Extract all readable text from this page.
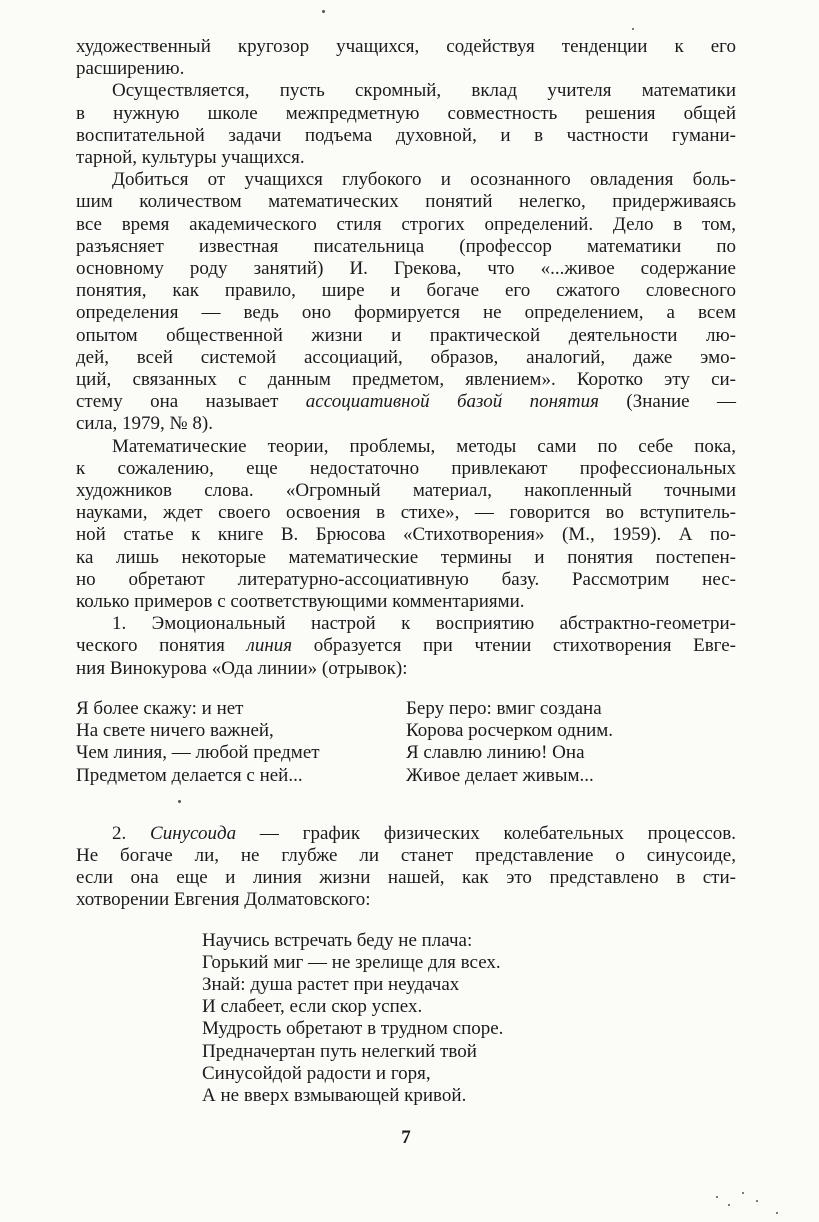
художественный кругозор учащихся, содействуя тенденции к его
расширению.

Осуществляется, пусть скромный, вклад учителя математики
в нужную школе межпредметную совместность решения общей
воспитательной задачи подъема духовной, и в частности гумани-
тарной, культуры учащихся.

Добиться от учащихся глубокого и осознанного овладения боль-
шим количеством математических понятий нелегко, придерживаясь
все время академического стиля строгих определений. Дело в том,
разъясняет известная писательница (профессор математики по
основному роду занятий) И. Грекова, что «...живое содержание
понятия, как правило, шире и богаче его сжатого словесного
определения — ведь оно формируется не определением, а всем
опытом общественной жизни и практической деятельности лю-
дей, всей системой ассоциаций, образов, аналогий, даже эмо-
ций, связанных с данным предметом, явлением». Коротко эту си-
стему она называет ассоциативной базой понятия (Знание —
сила, 1979, № 8).

Математические теории, проблемы, методы сами по себе пока,
к сожалению, еще недостаточно привлекают профессиональных
художников слова. «Огромный материал, накопленный точными
науками, ждет своего освоения в стихе», — говорится во вступитель-
ной статье к книге В. Брюсова «Стихотворения» (М., 1959). А по-
ка лишь некоторые математические термины и понятия постепен-
но обретают литературно-ассоциативную базу. Рассмотрим нес-
колько примеров с соответствующими комментариями.

1. Эмоциональный настрой к восприятию абстрактно-геометри-
ческого понятия линия образуется при чтении стихотворения Евге-
ния Винокурова «Ода линии» (отрывок):

Я более скажу: и нет
На свете ничего важней,
Чем линия, — любой предмет
Предметом делается с ней...
Беру перо: вмиг создана
Корова росчерком одним.
Я славлю линию! Она
Живое делает живым...

2. Синусоида — график физических колебательных процессов.
Не богаче ли, не глубже ли станет представление о синусоиде,
если она еще и линия жизни нашей, как это представлено в сти-
хотворении Евгения Долматовского:

Научись встречать беду не плача:
Горький миг — не зрелище для всех.
Знай: душа растет при неудачах
И слабеет, если скор успех.
Мудрость обретают в трудном споре.
Предначертан путь нелегкий твой
Синусойдой радости и горя,
А не вверх взмывающей кривой.
7
